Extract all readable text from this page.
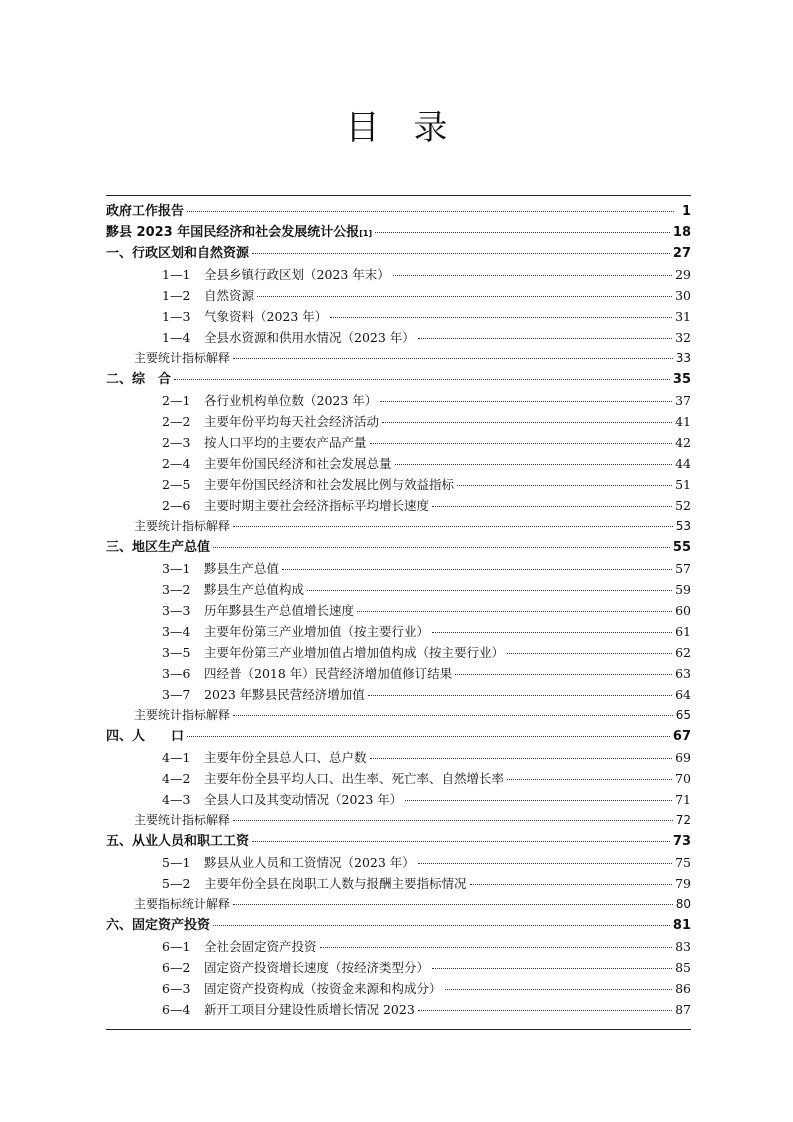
目　录
政府工作报告	1
黟县 2023 年国民经济和社会发展统计公报 [1]	18
一、行政区划和自然资源	27
1—1	全县乡镇行政区划（2023 年末）	29
1—2	自然资源	30
1—3	气象资料（2023 年）	31
1—4	全县水资源和供用水情况（2023 年）	32
主要统计指标解释	33
二、综　合	35
2—1	各行业机构单位数（2023 年）	37
2—2	主要年份平均每天社会经济活动	41
2—3	按人口平均的主要农产品产量	42
2—4	主要年份国民经济和社会发展总量	44
2—5	主要年份国民经济和社会发展比例与效益指标	51
2—6	主要时期主要社会经济指标平均增长速度	52
主要统计指标解释	53
三、地区生产总值	55
3—1	黟县生产总值	57
3—2	黟县生产总值构成	59
3—3	历年黟县生产总值增长速度	60
3—4	主要年份第三产业增加值（按主要行业）	61
3—5	主要年份第三产业增加值占增加值构成（按主要行业）	62
3—6	四经普（2018 年）民营经济增加值修订结果	63
3—7	2023 年黟县民营经济增加值	64
主要统计指标解释	65
四、人　　口	67
4—1	主要年份全县总人口、总户数	69
4—2	主要年份全县平均人口、出生率、死亡率、自然增长率	70
4—3	全县人口及其变动情况（2023 年）	71
主要统计指标解释	72
五、从业人员和职工工资	73
5—1	黟县从业人员和工资情况（2023 年）	75
5—2	主要年份全县在岗职工人数与报酬主要指标情况	79
主要指标统计解释	80
六、固定资产投资	81
6—1	全社会固定资产投资	83
6—2	固定资产投资增长速度（按经济类型分）	85
6—3	固定资产投资构成（按资金来源和构成分）	86
6—4	新开工项目分建设性质增长情况 2023	87
